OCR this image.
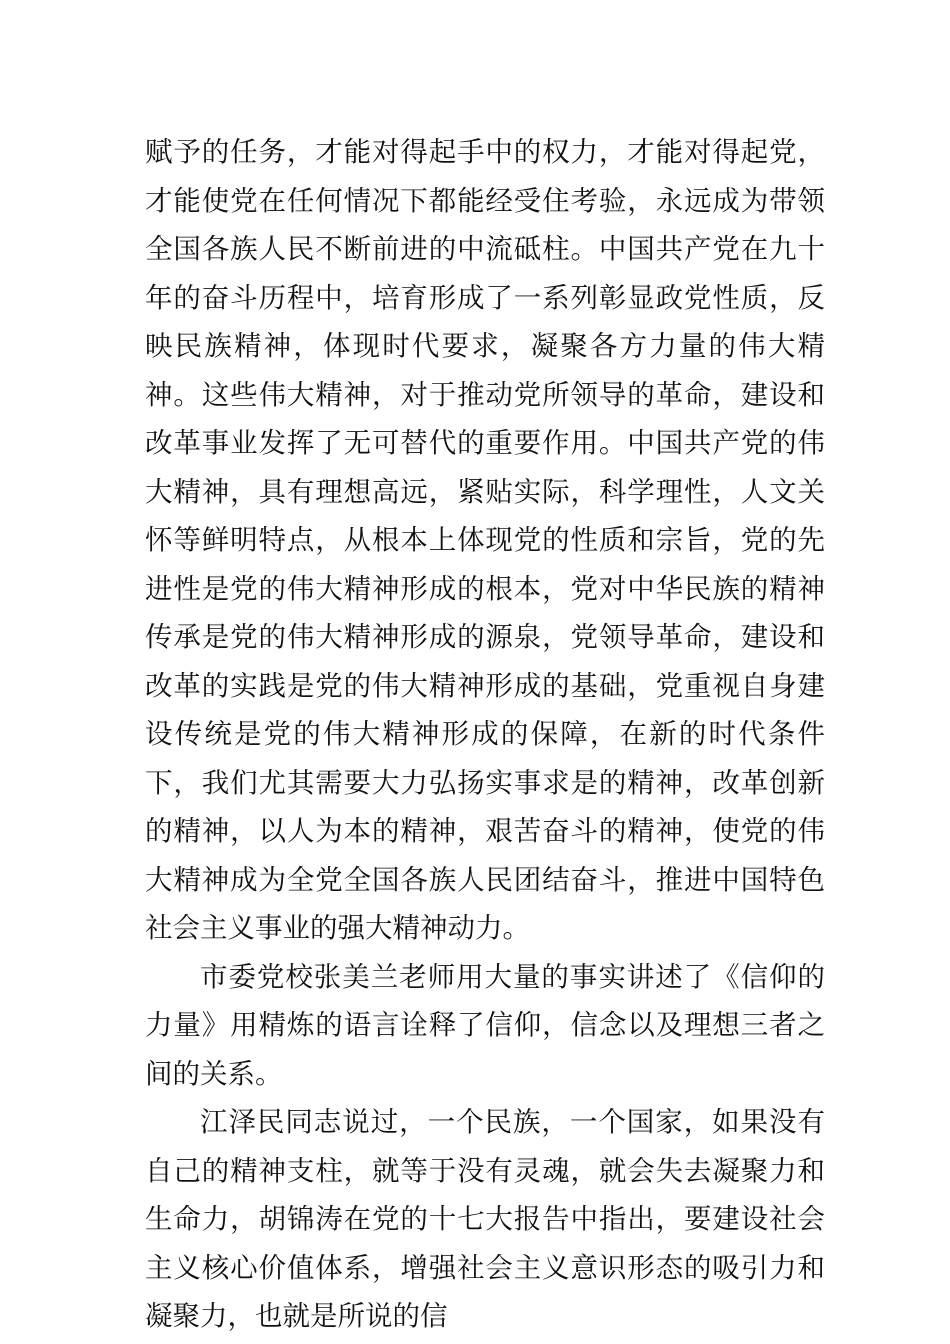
赋予的任务，才能对得起手中的权力，才能对得起党，才能使党在任何情况下都能经受住考验，永远成为带领全国各族人民不断前进的中流砥柱。中国共产党在九十年的奋斗历程中，培育形成了一系列彰显政党性质，反映民族精神，体现时代要求，凝聚各方力量的伟大精神。这些伟大精神，对于推动党所领导的革命，建设和改革事业发挥了无可替代的重要作用。中国共产党的伟大精神，具有理想高远，紧贴实际，科学理性，人文关怀等鲜明特点，从根本上体现党的性质和宗旨，党的先进性是党的伟大精神形成的根本，党对中华民族的精神传承是党的伟大精神形成的源泉，党领导革命，建设和改革的实践是党的伟大精神形成的基础，党重视自身建设传统是党的伟大精神形成的保障，在新的时代条件下，我们尤其需要大力弘扬实事求是的精神，改革创新的精神，以人为本的精神，艰苦奋斗的精神，使党的伟大精神成为全党全国各族人民团结奋斗，推进中国特色社会主义事业的强大精神动力。

市委党校张美兰老师用大量的事实讲述了《信仰的力量》用精炼的语言诠释了信仰，信念以及理想三者之间的关系。

江泽民同志说过，一个民族，一个国家，如果没有自己的精神支柱，就等于没有灵魂，就会失去凝聚力和生命力，胡锦涛在党的十七大报告中指出，要建设社会主义核心价值体系，增强社会主义意识形态的吸引力和凝聚力，也就是所说的信
